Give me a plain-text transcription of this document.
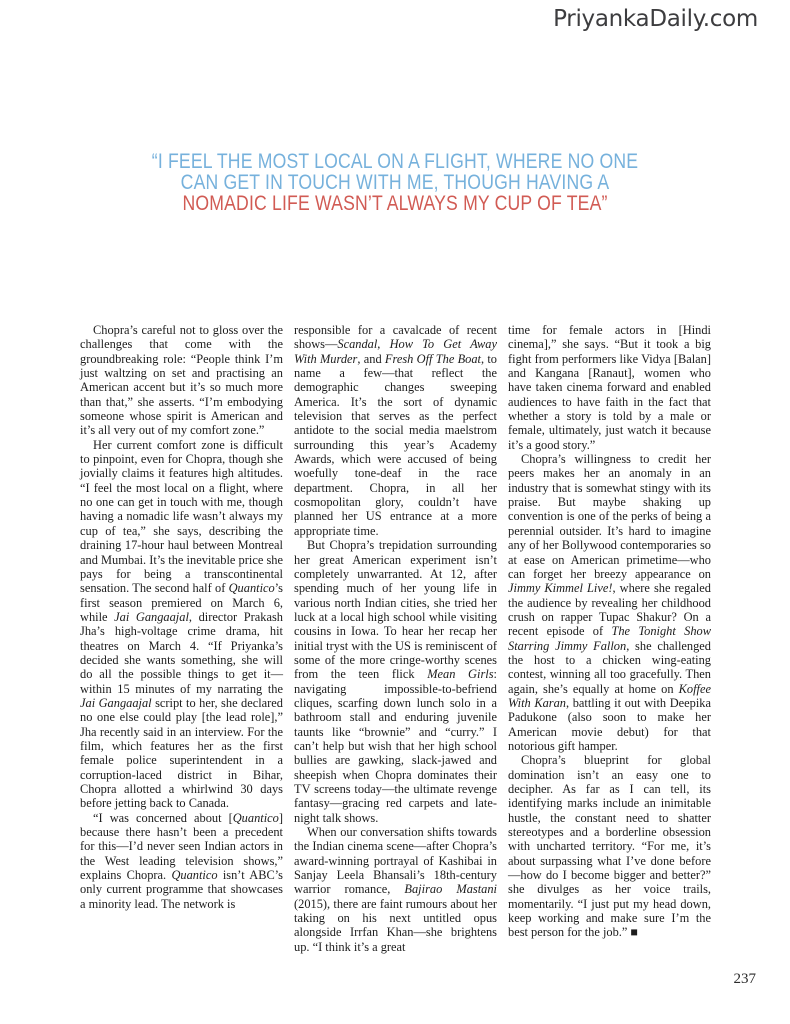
PriyankaDaily.com
“I FEEL THE MOST LOCAL ON A FLIGHT, WHERE NO ONE
CAN GET IN TOUCH WITH ME, THOUGH HAVING A
NOMADIC LIFE WASN’T ALWAYS MY CUP OF TEA”

Chopra’s careful not to gloss over the challenges that come with the groundbreaking role: “People think I’m just waltzing on set and practising an American accent but it’s so much more than that,” she asserts. “I’m embodying someone whose spirit is American and it’s all very out of my comfort zone.”

Her current comfort zone is difficult to pinpoint, even for Chopra, though she jovially claims it features high altitudes. “I feel the most local on a flight, where no one can get in touch with me, though having a nomadic life wasn’t always my cup of tea,” she says, describing the draining 17-hour haul between Montreal and Mumbai. It’s the inevitable price she pays for being a transcontinental sensation. The second half of Quantico’s first season premiered on March 6, while Jai Gangaajal, director Prakash Jha’s high-voltage crime drama, hit theatres on March 4. “If Priyanka’s decided she wants something, she will do all the possible things to get it—within 15 minutes of my narrating the Jai Gangaajal script to her, she declared no one else could play [the lead role],” Jha recently said in an interview. For the film, which features her as the first female police superintendent in a corruption-laced district in Bihar, Chopra allotted a whirlwind 30 days before jetting back to Canada.

“I was concerned about [Quantico] because there hasn’t been a precedent for this—I’d never seen Indian actors in the West leading television shows,” explains Chopra. Quantico isn’t ABC’s only current programme that showcases a minority lead. The network is

responsible for a cavalcade of recent shows—Scandal, How To Get Away With Murder, and Fresh Off The Boat, to name a few—that reflect the demographic changes sweeping America. It’s the sort of dynamic television that serves as the perfect antidote to the social media maelstrom surrounding this year’s Academy Awards, which were accused of being woefully tone-deaf in the race department. Chopra, in all her cosmopolitan glory, couldn’t have planned her US entrance at a more appropriate time.

But Chopra’s trepidation surrounding her great American experiment isn’t completely unwarranted. At 12, after spending much of her young life in various north Indian cities, she tried her luck at a local high school while visiting cousins in Iowa. To hear her recap her initial tryst with the US is reminiscent of some of the more cringe-worthy scenes from the teen flick Mean Girls: navigating impossible-to-befriend cliques, scarfing down lunch solo in a bathroom stall and enduring juvenile taunts like “brownie” and “curry.” I can’t help but wish that her high school bullies are gawking, slack-jawed and sheepish when Chopra dominates their TV screens today—the ultimate revenge fantasy—gracing red carpets and late-night talk shows.

When our conversation shifts towards the Indian cinema scene—after Chopra’s award-winning portrayal of Kashibai in Sanjay Leela Bhansali’s 18th-century warrior romance, Bajirao Mastani (2015), there are faint rumours about her taking on his next untitled opus alongside Irrfan Khan—she brightens up. “I think it’s a great

time for female actors in [Hindi cinema],” she says. “But it took a big fight from performers like Vidya [Balan] and Kangana [Ranaut], women who have taken cinema forward and enabled audiences to have faith in the fact that whether a story is told by a male or female, ultimately, just watch it because it’s a good story.”

Chopra’s willingness to credit her peers makes her an anomaly in an industry that is somewhat stingy with its praise. But maybe shaking up convention is one of the perks of being a perennial outsider. It’s hard to imagine any of her Bollywood contemporaries so at ease on American primetime—who can forget her breezy appearance on Jimmy Kimmel Live!, where she regaled the audience by revealing her childhood crush on rapper Tupac Shakur? On a recent episode of The Tonight Show Starring Jimmy Fallon, she challenged the host to a chicken wing-eating contest, winning all too gracefully. Then again, she’s equally at home on Koffee With Karan, battling it out with Deepika Padukone (also soon to make her American movie debut) for that notorious gift hamper.

Chopra’s blueprint for global domination isn’t an easy one to decipher. As far as I can tell, its identifying marks include an inimitable hustle, the constant need to shatter stereotypes and a borderline obsession with uncharted territory. “For me, it’s about surpassing what I’ve done before—how do I become bigger and better?” she divulges as her voice trails, momentarily. “I just put my head down, keep working and make sure I’m the best person for the job.” ■

237
